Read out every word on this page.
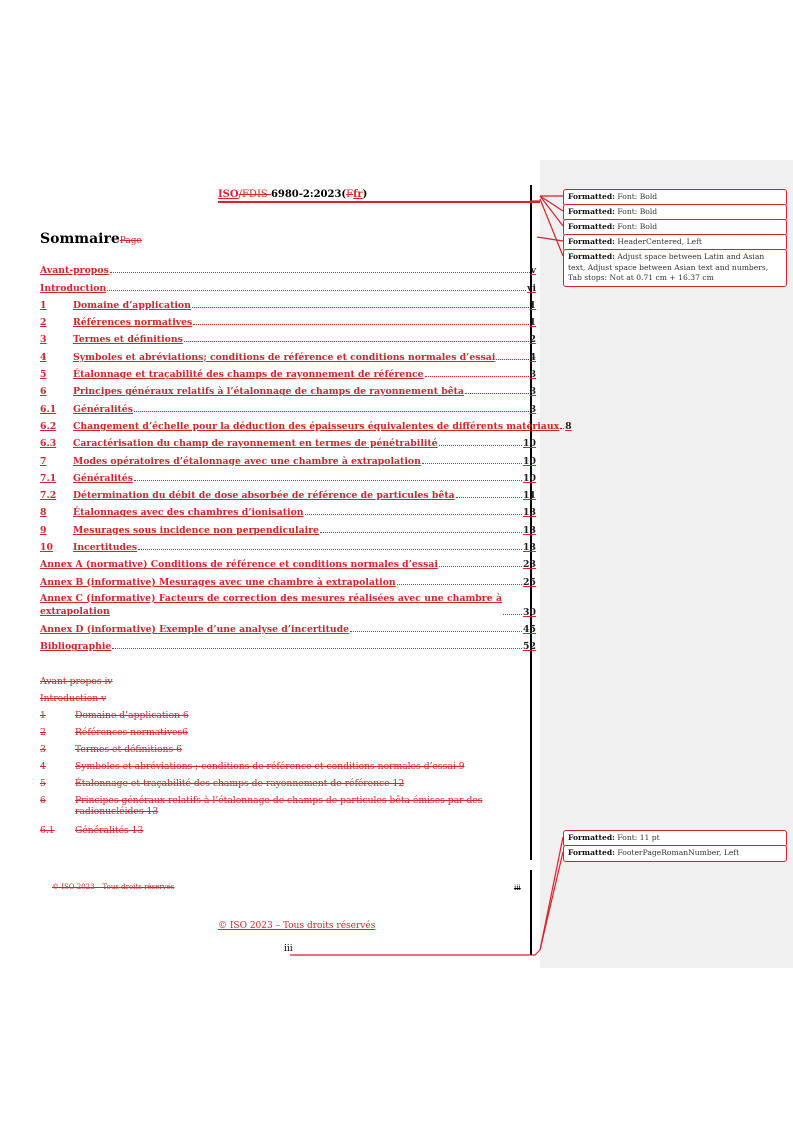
ISO/FDIS 6980-2:2023(Ffr)
SommairePage
Avant-propos	v
Introduction	vi
1	Domaine d’application	1
2	Références normatives	1
3	Termes et définitions	2
4	Symboles et abréviations; conditions de référence et conditions normales d’essai	4
5	Étalonnage et traçabilité des champs de rayonnement de référence	8
6	Principes généraux relatifs à l’étalonnage de champs de rayonnement bêta	8
6.1	Généralités	8
6.2	Changement d’échelle pour la déduction des épaisseurs équivalentes de différents matériaux 8
6.3	Caractérisation du champ de rayonnement en termes de pénétrabilité	10
7	Modes opératoires d’étalonnage avec une chambre à extrapolation	10
7.1	Généralités	10
7.2	Détermination du débit de dose absorbée de référence de particules bêta	11
8	Étalonnages avec des chambres d’ionisation	13
9	Mesurages sous incidence non perpendiculaire	13
10	Incertitudes	13
Annex A (normative) Conditions de référence et conditions normales d’essai	23
Annex B (informative) Mesurages avec une chambre à extrapolation	25
Annex C (informative) Facteurs de correction des mesures réalisées avec une chambre à extrapolation	30
Annex D (informative) Exemple d’une analyse d’incertitude	45
Bibliographie	52
Avant-propos iv
Introduction v
1	Domaine d’application 6
2	Références normatives6
3	Termes et définitions 6
4	Symboles et abréviations ; conditions de référence et conditions normales d’essai 9
5	Étalonnage et traçabilité des champs de rayonnement de référence 12
6	Principes généraux relatifs à l’étalonnage de champs de particules bêta émises par des radionucléides 13
6.1	Généralités 13
© ISO 2023 – Tous droits réservés	iii
© ISO 2023 – Tous droits réservés
iii
Formatted: Font: Bold
Formatted: Font: Bold
Formatted: Font: Bold
Formatted: HeaderCentered, Left
Formatted: Adjust space between Latin and Asian text, Adjust space between Asian text and numbers, Tab stops: Not at 0.71 cm + 16.37 cm
Formatted: Font: 11 pt
Formatted: FooterPageRomanNumber, Left
